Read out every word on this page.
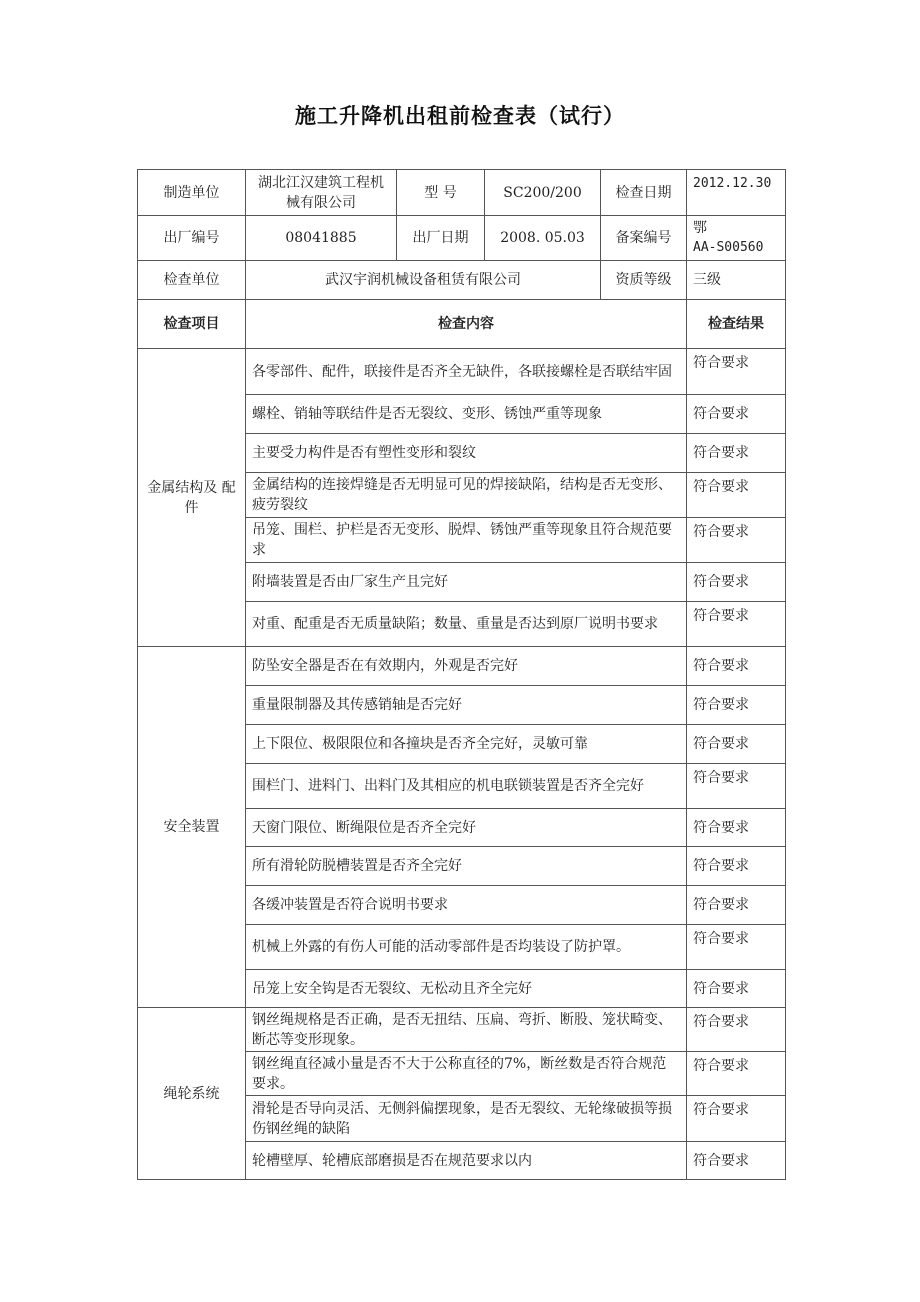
施工升降机出租前检查表（试行）
制造单位	湖北江汉建筑工程机械有限公司	型 号	SC200/200	检查日期	2012.12.30
出厂编号	08041885	出厂日期	2008. 05.03	备案编号	鄂
AA-S00560

检查单位	武汉宇润机械设备租赁有限公司			资质等级	三级
检查项目	检查内容				检查结果
金属结构及 配件	各零部件、配件，联接件是否齐全无缺件，各联接螺栓是否联结牢固				符合要求
	螺栓、销轴等联结件是否无裂纹、变形、锈蚀严重等现象				符合要求
	主要受力构件是否有塑性变形和裂纹				符合要求
	金属结构的连接焊缝是否无明显可见的焊接缺陷，结构是否无变形、疲劳裂纹				符合要求
	吊笼、围栏、护栏是否无变形、脱焊、锈蚀严重等现象且符合规范要求				符合要求
	附墙装置是否由厂家生产且完好				符合要求
	对重、配重是否无质量缺陷；数量、重量是否达到原厂说明书要求				符合要求
安全装置	防坠安全器是否在有效期内，外观是否完好				符合要求
	重量限制器及其传感销轴是否完好				符合要求
	上下限位、极限限位和各撞块是否齐全完好，灵敏可靠				符合要求
	围栏门、进料门、出料门及其相应的机电联锁装置是否齐全完好				符合要求
	天窗门限位、断绳限位是否齐全完好				符合要求
	所有滑轮防脱槽装置是否齐全完好				符合要求
	各缓冲装置是否符合说明书要求				符合要求
	机械上外露的有伤人可能的活动零部件是否均装设了防护罩。				符合要求
	吊笼上安全钩是否无裂纹、无松动且齐全完好				符合要求
绳轮系统	钢丝绳规格是否正确，是否无扭结、压扁、弯折、断股、笼状畸变、断芯等变形现象。				符合要求
	钢丝绳直径减小量是否不大于公称直径的7%，断丝数是否符合规范要求。				符合要求
	滑轮是否导向灵活、无侧斜偏摆现象，是否无裂纹、无轮缘破损等损伤钢丝绳的缺陷				符合要求
	轮槽壁厚、轮槽底部磨损是否在规范要求以内				符合要求
